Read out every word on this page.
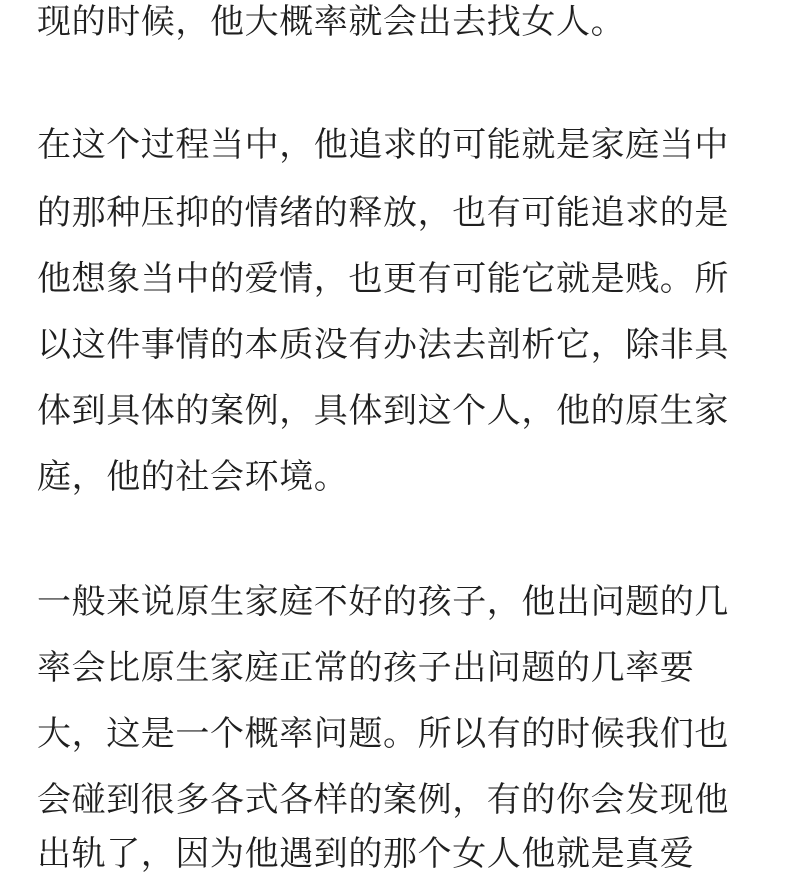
现的时候，他大概率就会出去找女人。
在这个过程当中，他追求的可能就是家庭当中
的那种压抑的情绪的释放，也有可能追求的是
他想象当中的爱情，也更有可能它就是贱。所
以这件事情的本质没有办法去剖析它，除非具
体到具体的案例，具体到这个人，他的原生家
庭，他的社会环境。
一般来说原生家庭不好的孩子，他出问题的几
率会比原生家庭正常的孩子出问题的几率要
大，这是一个概率问题。所以有的时候我们也
会碰到很多各式各样的案例，有的你会发现他
出轨了，因为他遇到的那个女人他就是真爱
